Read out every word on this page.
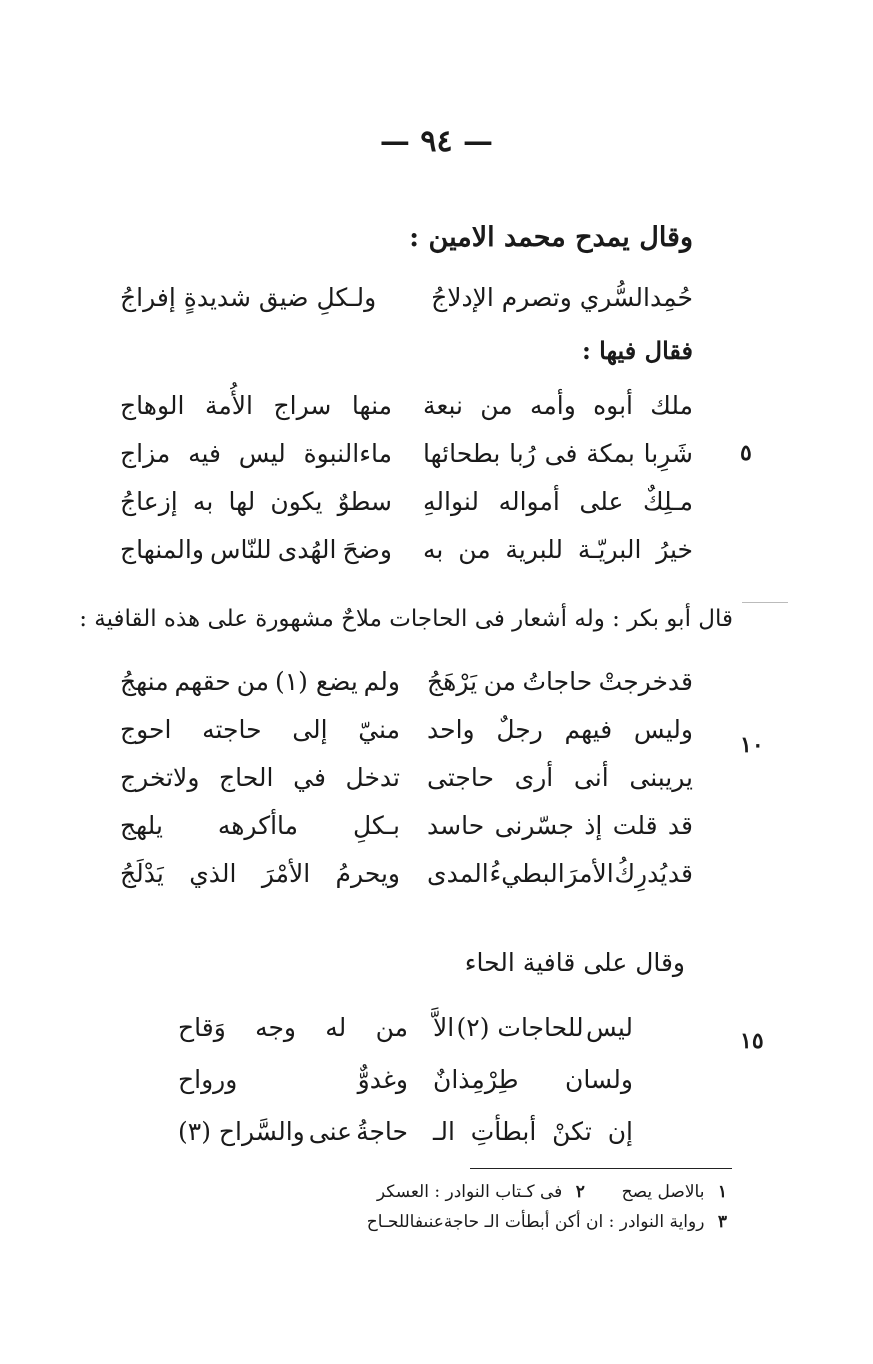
— ٩٤ —
وقال يمدح محمد الامين :
حُمِدالسُّري وتصرم الإدلاجُ
ولـكلِ ضيق شديدةٍ إفراجُ
فقال فيها :
ملك
أبوه
وأمه
من
نبعة
منها
سراج
الأُمة
الوهاج
شَرِبا
بمكة
فى
رُبا
بطحائها
ماءالنبوة
ليس
فيه
مزاج
مـلِكٌ
على
أمواله
لنوالهِ
سطوٌ
يكون
لها
به
إزعاجُ
خيرُ
البريّـة
للبرية
من
به
وضحَ
الهُدى
للنّاس
والمنهاج
٥
قال أبو بكر : وله أشعار فى الحاجات ملاحٌ مشهورة على هذه القافية :
قدخرجتْ
حاجاتُ
من
يَرْهَجُ
ولم
يضع (١)
من
حقهم
منهجُ
وليس
فيهم
رجلٌ
واحد
منيّ
إلى
حاجته
احوج
يريبنى
أنى
أرى
حاجتى
تدخل
في
الحاج
ولاتخرج
قد
قلت
إذ
جسّرنى
حاسد
بـكلِ
ماأكرهه
يلهج
قد
يُدرِكُ
الأمرَ
البطيءُ
المدى
ويحرمُ
الأمْرَ
الذي
يَدْلَجُ
١٠
وقال على قافية الحاء
ليس
للحاجات (٢)
الاَّ
من
له
وجه
وَقاح
ولسان
طِرْمِذانٌ
وغدوٌّ
ورواح
إن
تكنْ
أبطأتِ
الـ
حاجةُ
عنى
والسَّراح (٣)
١٥
١ بالاصل يصح  ٢ فى كـتاب النوادر : العسكر
٣ رواية النوادر : ان أكن أبطأت الـ حاجةعنىفاللحـاح
